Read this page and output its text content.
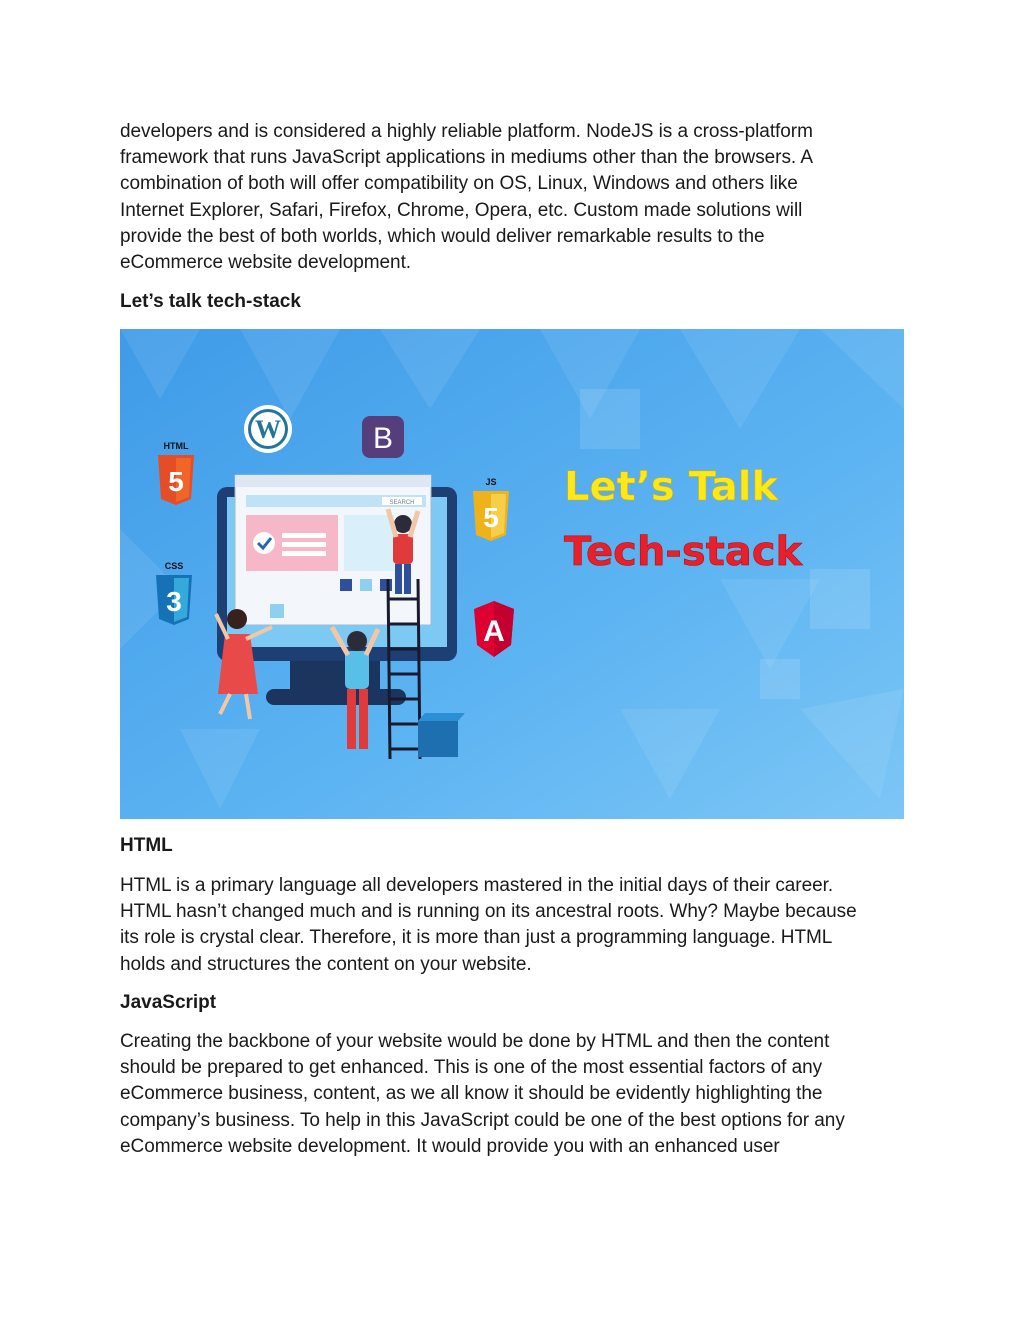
developers and is considered a highly reliable platform. NodeJS is a cross-platform
framework that runs JavaScript applications in mediums other than the browsers. A
combination of both will offer compatibility on OS, Linux, Windows and others like
Internet Explorer, Safari, Firefox, Chrome, Opera, etc. Custom made solutions will
provide the best of both worlds, which would deliver remarkable results to the
eCommerce website development.

Let’s talk tech-stack
W	B
HTML
5
CSS
3
JS
5
A
SEARCH	Let’s Talk
Tech-stack
HTML

HTML is a primary language all developers mastered in the initial days of their career.
HTML hasn’t changed much and is running on its ancestral roots. Why? Maybe because
its role is crystal clear. Therefore, it is more than just a programming language. HTML
holds and structures the content on your website.

JavaScript

Creating the backbone of your website would be done by HTML and then the content
should be prepared to get enhanced. This is one of the most essential factors of any
eCommerce business, content, as we all know it should be evidently highlighting the
company’s business. To help in this JavaScript could be one of the best options for any
eCommerce website development. It would provide you with an enhanced user
